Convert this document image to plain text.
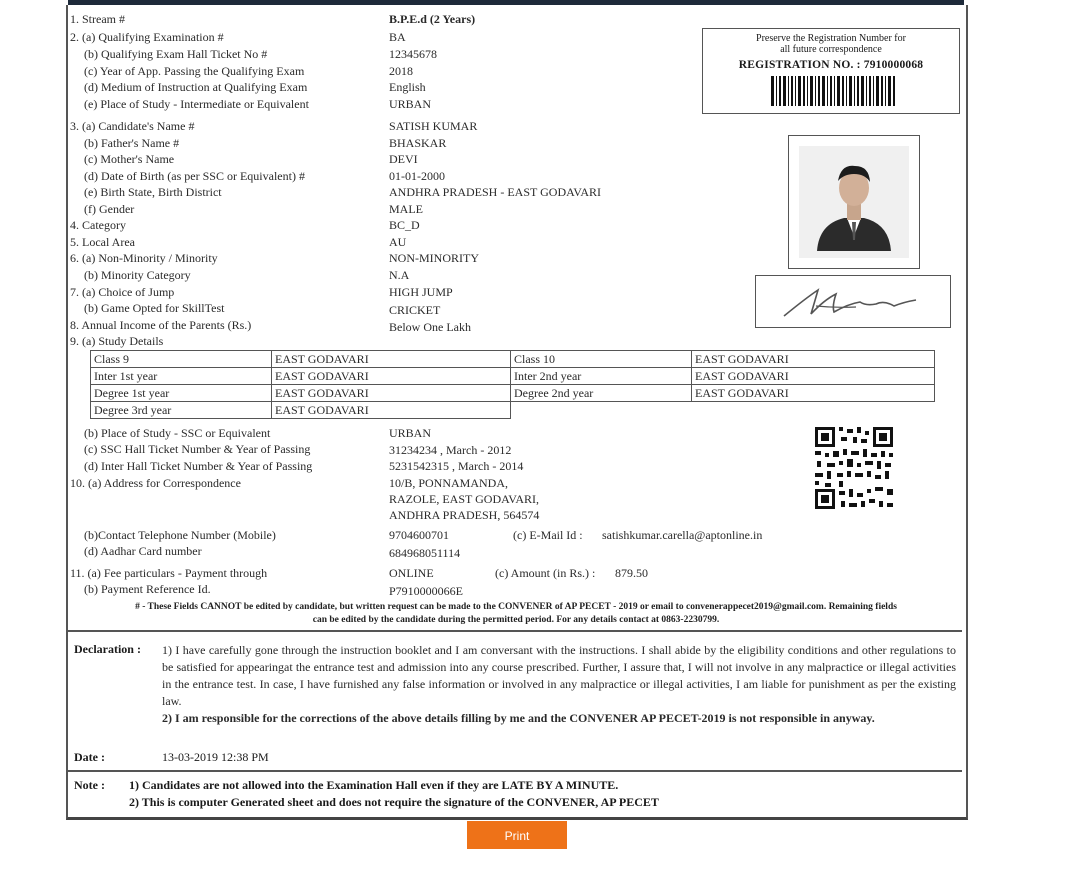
1. Stream #	B.P.E.d (2 Years)
2. (a) Qualifying Examination #	BA
(b) Qualifying Exam Hall Ticket No #	12345678
(c) Year of App. Passing the Qualifying Exam	2018
(d) Medium of Instruction at Qualifying Exam	English
(e) Place of Study - Intermediate or Equivalent	URBAN
3. (a) Candidate's Name #	SATISH KUMAR
(b) Father's Name #	BHASKAR
(c) Mother's Name	DEVI
(d) Date of Birth (as per SSC or Equivalent) #	01-01-2000
(e) Birth State, Birth District	ANDHRA PRADESH - EAST GODAVARI
(f) Gender	MALE
4. Category	BC_D
5. Local Area	AU
6. (a) Non-Minority / Minority	NON-MINORITY
(b) Minority Category	N.A
7. (a) Choice of Jump	HIGH JUMP
(b) Game Opted for SkillTest	CRICKET
8. Annual Income of the Parents (Rs.)	Below One Lakh
9. (a) Study Details
Class 9	EAST GODAVARI	Class 10	EAST GODAVARI
Inter 1st year	EAST GODAVARI	Inter 2nd year	EAST GODAVARI
Degree 1st year	EAST GODAVARI	Degree 2nd year	EAST GODAVARI
Degree 3rd year	EAST GODAVARI		
(b) Place of Study - SSC or Equivalent	URBAN
(c) SSC Hall Ticket Number & Year of Passing	31234234 , March - 2012
(d) Inter Hall Ticket Number & Year of Passing	5231542315 , March - 2014
10. (a) Address for Correspondence	10/B, PONNAMANDA,
RAZOLE, EAST GODAVARI,
ANDHRA PRADESH, 564574
(b)Contact Telephone Number (Mobile)	9704600701	(c) E-Mail Id : satishkumar.carella@aptonline.in
(d) Aadhar Card number	684968051114
11. (a) Fee particulars - Payment through	ONLINE	(c) Amount (in Rs.) : 879.50
(b) Payment Reference Id.	P7910000066E
Preserve the Registration Number for
all future correspondence
REGISTRATION NO. : 7910000068
# - These Fields CANNOT be edited by candidate, but written request can be made to the CONVENER of AP PECET - 2019 or email to convenerappecet2019@gmail.com. Remaining fields
can be edited by the candidate during the permitted period. For any details contact at 0863-2230799.
Declaration : 1) I have carefully gone through the instruction booklet and I am conversant with the instructions. I shall abide by the eligibility conditions and other regulations to be satisfied for appearingat the entrance test and admission into any course prescribed. Further, I assure that, I will not involve in any malpractice or illegal activities in the entrance test. In case, I have furnished any false information or involved in any malpractice or illegal activities, I am liable for punishment as per the existing law.
2) I am responsible for the corrections of the above details filling by me and the CONVENER AP PECET-2019 is not responsible in anyway.
Date :	13-03-2019 12:38 PM
Note : 1) Candidates are not allowed into the Examination Hall even if they are LATE BY A MINUTE.
2) This is computer Generated sheet and does not require the signature of the CONVENER, AP PECET
Print
